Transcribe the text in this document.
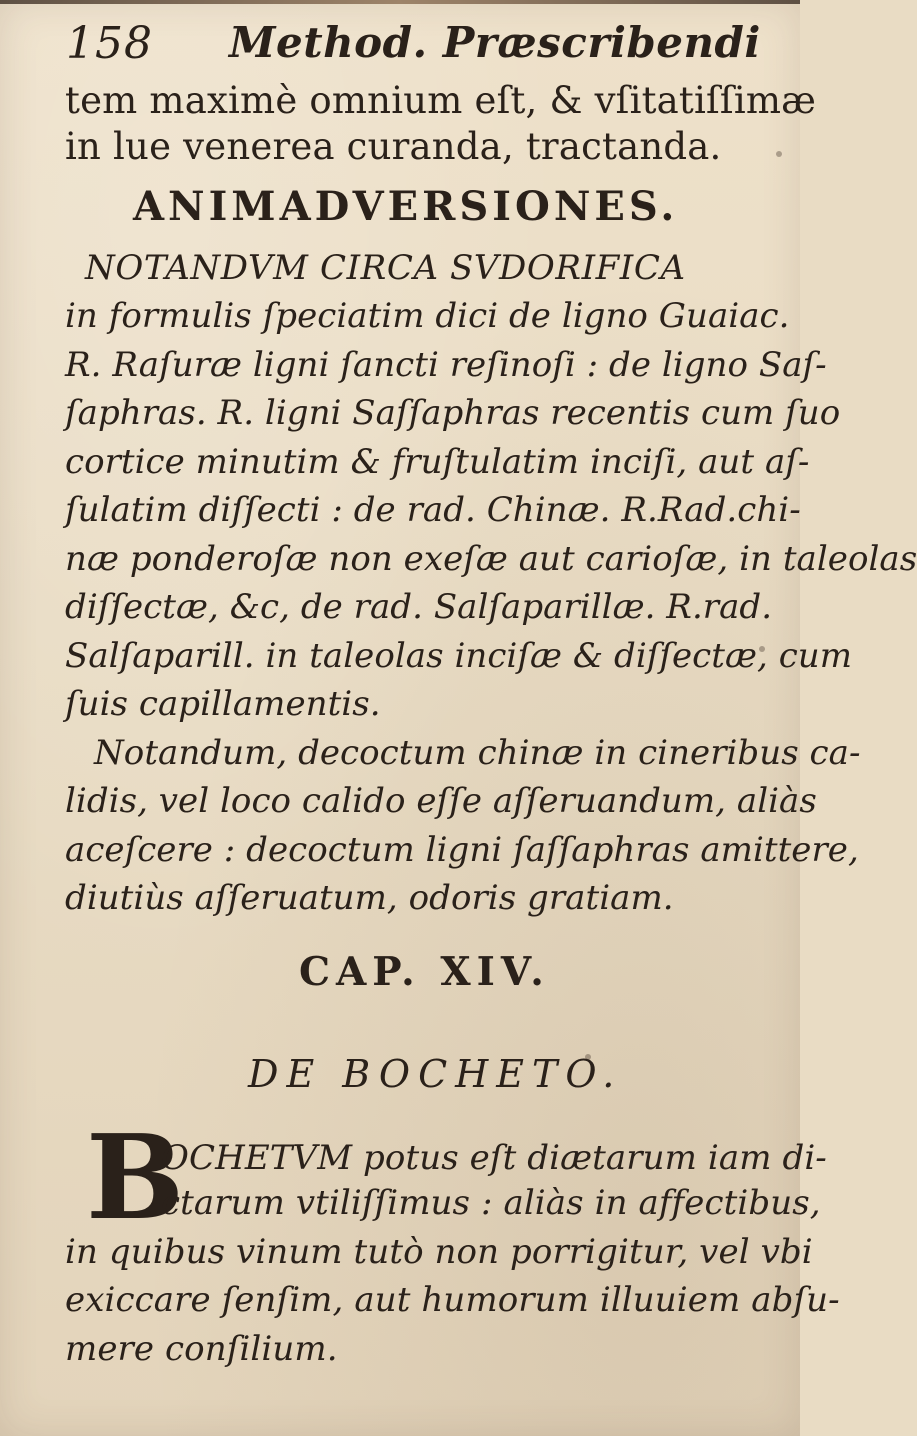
158 Method. Præscribendi
tem maximè omnium eſt, & vſitatiſſimæ
in lue venerea curanda, tractanda.
ANIMADVERSIONES.
NOTANDVM CIRCA SVDORIFICA
in formulis ſpeciatim dici de ligno Guaiac.
R. Raſuræ ligni ſancti reſinoſi : de ligno Saſ-
ſaphras. R. ligni Saſſaphras recentis cum ſuo
cortice minutim & fruſtulatim inciſi, aut aſ-
ſulatim diſſecti : de rad. Chinæ. R.Rad.chi-
næ ponderoſæ non exeſæ aut carioſæ, in taleolas
diſſectæ, &c, de rad. Salſaparillæ. R.rad.
Salſaparill. in taleolas inciſæ & diſſectæ, cum
ſuis capillamentis.
Notandum, decoctum chinæ in cineribus ca-
lidis, vel loco calido eſſe aſſeruandum, aliàs
aceſcere : decoctum ligni ſaſſaphras amittere,
diutiùs aſſeruatum, odoris gratiam.
CAP. XIV.
DE BOCHETO.
B
OCHETVM potus eſt diætarum iam di-
ctarum vtiliſſimus : aliàs in affectibus,
in quibus vinum tutò non porrigitur, vel vbi
exiccare ſenſim, aut humorum illuuiem abſu-
mere conſilium.
